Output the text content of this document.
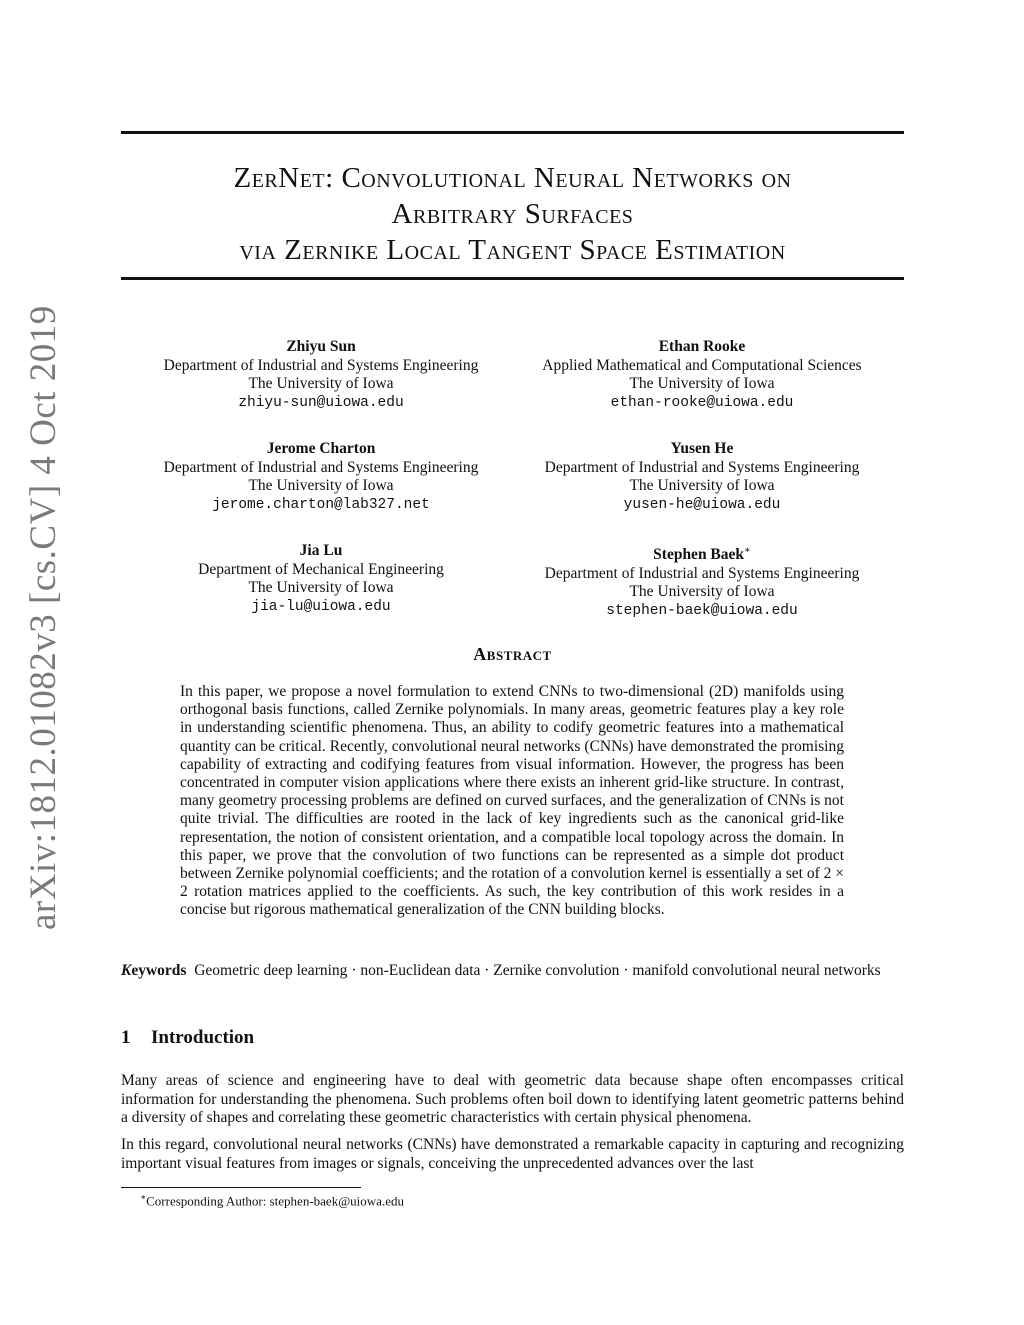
arXiv:1812.01082v3 [cs.CV] 4 Oct 2019
ZerNet: Convolutional Neural Networks on
Arbitrary Surfaces
via Zernike Local Tangent Space Estimation
Zhiyu Sun
Department of Industrial and Systems Engineering
The University of Iowa
zhiyu-sun@uiowa.edu
Ethan Rooke
Applied Mathematical and Computational Sciences
The University of Iowa
ethan-rooke@uiowa.edu
Jerome Charton
Department of Industrial and Systems Engineering
The University of Iowa
jerome.charton@lab327.net
Yusen He
Department of Industrial and Systems Engineering
The University of Iowa
yusen-he@uiowa.edu
Jia Lu
Department of Mechanical Engineering
The University of Iowa
jia-lu@uiowa.edu
Stephen Baek∗
Department of Industrial and Systems Engineering
The University of Iowa
stephen-baek@uiowa.edu
Abstract

In this paper, we propose a novel formulation to extend CNNs to two-dimensional (2D) manifolds using orthogonal basis functions, called Zernike polynomials. In many areas, geometric features play a key role in understanding scientific phenomena. Thus, an ability to codify geometric features into a mathematical quantity can be critical. Recently, convolutional neural networks (CNNs) have demonstrated the promising capability of extracting and codifying features from visual information. However, the progress has been concentrated in computer vision applications where there exists an inherent grid-like structure. In contrast, many geometry processing problems are defined on curved surfaces, and the generalization of CNNs is not quite trivial. The difficulties are rooted in the lack of key ingredients such as the canonical grid-like representation, the notion of consistent orientation, and a compatible local topology across the domain. In this paper, we prove that the convolution of two functions can be represented as a simple dot product between Zernike polynomial coefficients; and the rotation of a convolution kernel is essentially a set of 2 × 2 rotation matrices applied to the coefficients. As such, the key contribution of this work resides in a concise but rigorous mathematical generalization of the CNN building blocks.

Keywords Geometric deep learning · non-Euclidean data · Zernike convolution · manifold convolutional neural networks

1 Introduction

Many areas of science and engineering have to deal with geometric data because shape often encompasses critical information for understanding the phenomena. Such problems often boil down to identifying latent geometric patterns behind a diversity of shapes and correlating these geometric characteristics with certain physical phenomena.

In this regard, convolutional neural networks (CNNs) have demonstrated a remarkable capacity in capturing and recognizing important visual features from images or signals, conceiving the unprecedented advances over the last

∗Corresponding Author: stephen-baek@uiowa.edu
